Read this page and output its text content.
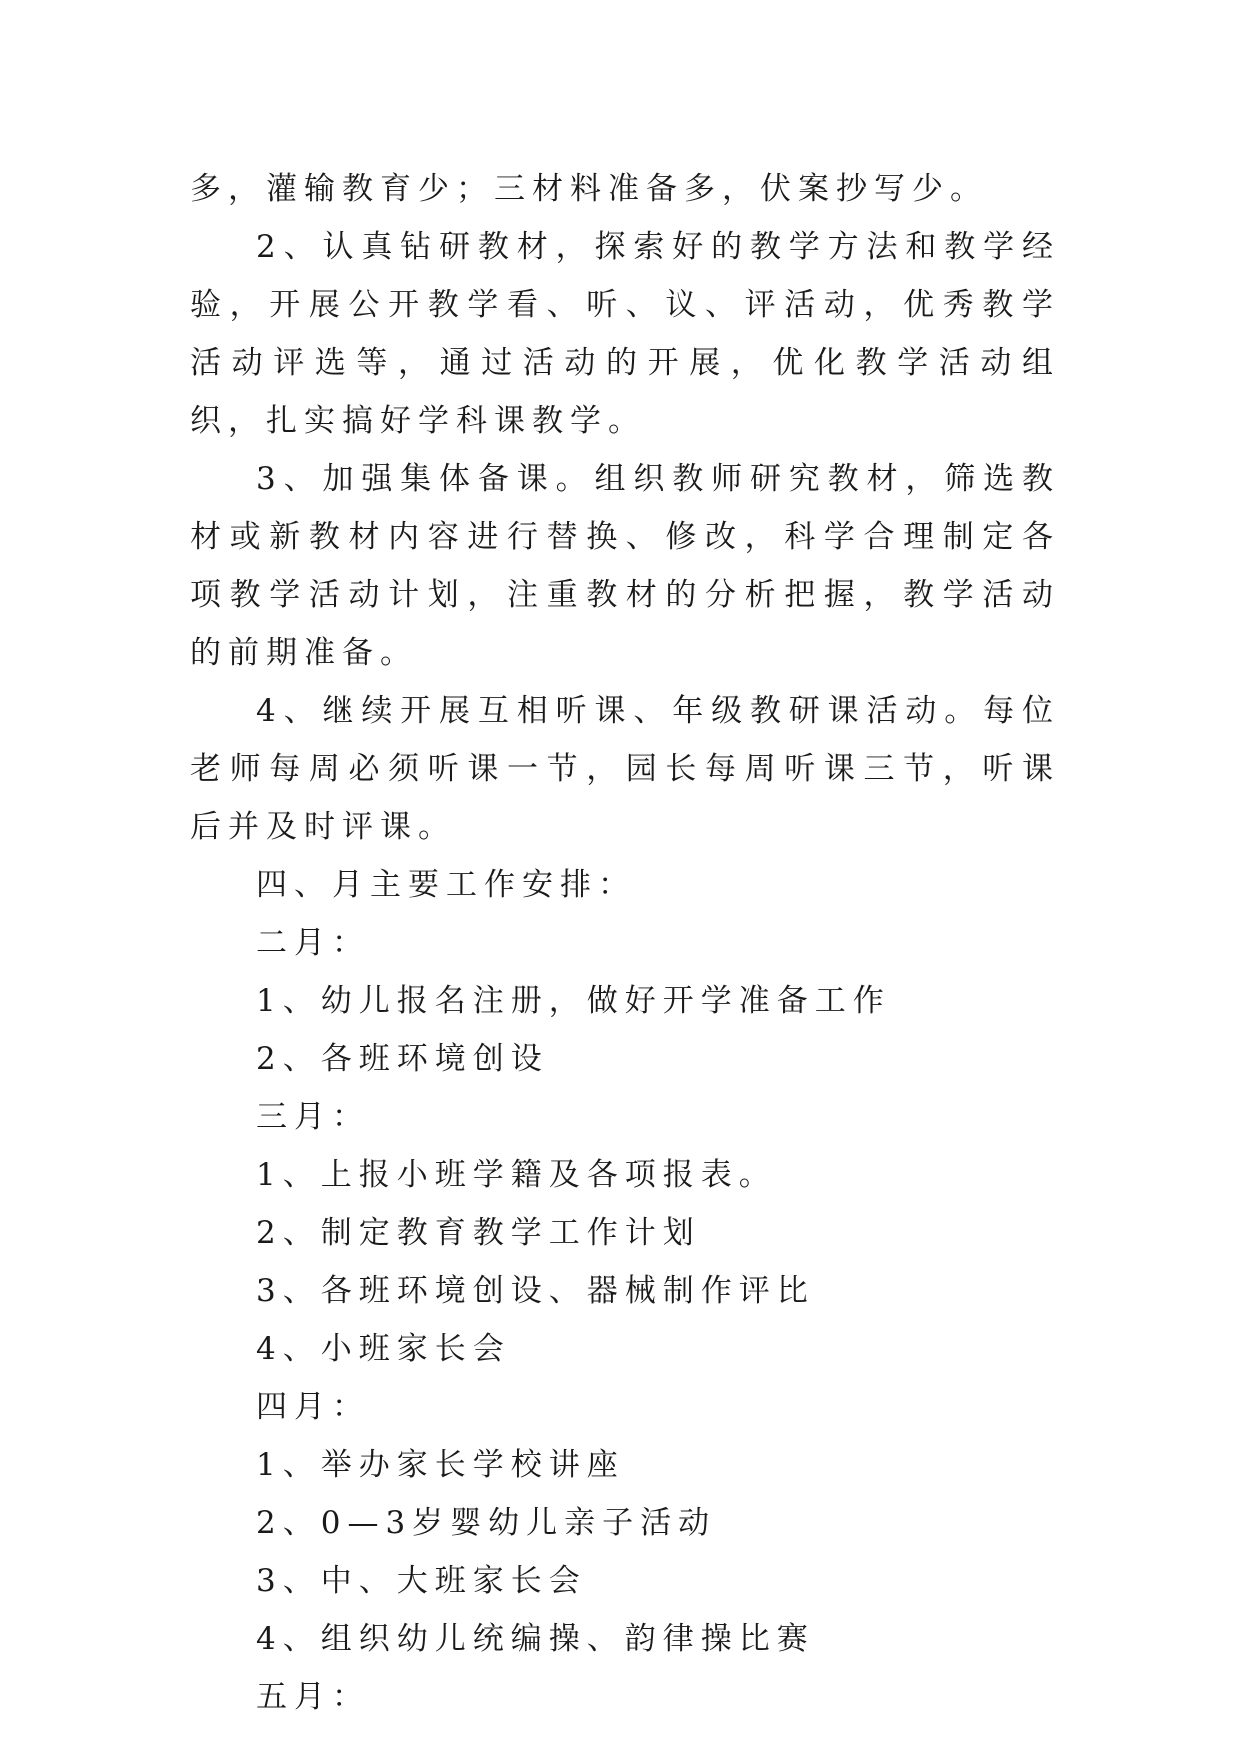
多，灌输教育少；三材料准备多，伏案抄写少。

2、认真钻研教材，探索好的教学方法和教学经验，开展公开教学看、听、议、评活动，优秀教学活动评选等，通过活动的开展，优化教学活动组织，扎实搞好学科课教学。

3、加强集体备课。组织教师研究教材，筛选教材或新教材内容进行替换、修改，科学合理制定各项教学活动计划，注重教材的分析把握，教学活动的前期准备。

4、继续开展互相听课、年级教研课活动。每位老师每周必须听课一节，园长每周听课三节，听课后并及时评课。

四、月主要工作安排：

二月：

1、幼儿报名注册，做好开学准备工作

2、各班环境创设

三月：

1、上报小班学籍及各项报表。

2、制定教育教学工作计划

3、各班环境创设、器械制作评比

4、小班家长会

四月：

1、举办家长学校讲座

2、0—3岁婴幼儿亲子活动

3、中、大班家长会

4、组织幼儿统编操、韵律操比赛

五月：
